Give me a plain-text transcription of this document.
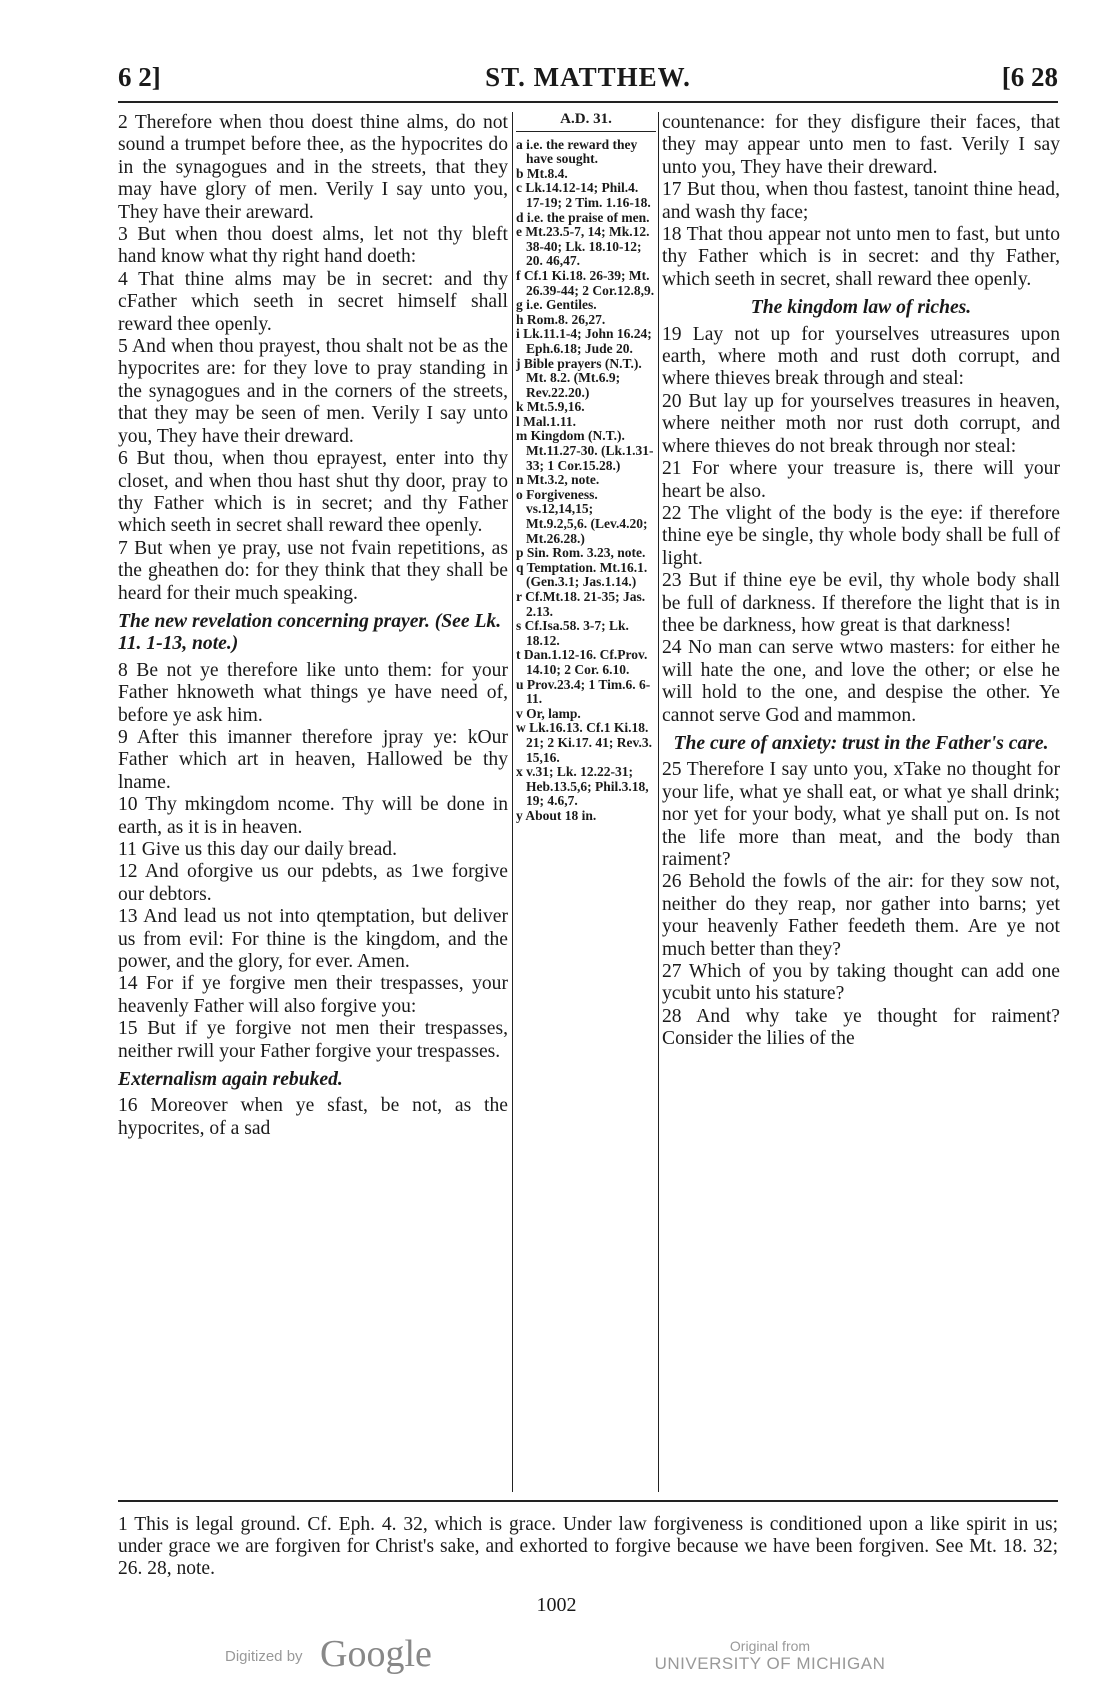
6 2]	ST. MATTHEW.	[6 28

2 Therefore when thou doest thine alms, do not sound a trumpet before thee, as the hypocrites do in the synagogues and in the streets, that they may have glory of men. Verily I say unto you, They have their areward.

3 But when thou doest alms, let not thy bleft hand know what thy right hand doeth:

4 That thine alms may be in secret: and thy cFather which seeth in secret himself shall reward thee openly.

5 And when thou prayest, thou shalt not be as the hypocrites are: for they love to pray standing in the synagogues and in the corners of the streets, that they may be seen of men. Verily I say unto you, They have their dreward.

6 But thou, when thou eprayest, enter into thy closet, and when thou hast shut thy door, pray to thy Father which is in secret; and thy Father which seeth in secret shall reward thee openly.

7 But when ye pray, use not fvain repetitions, as the gheathen do: for they think that they shall be heard for their much speaking.

The new revelation concerning prayer. (See Lk. 11. 1-13, note.)

8 Be not ye therefore like unto them: for your Father hknoweth what things ye have need of, before ye ask him.

9 After this imanner therefore jpray ye: kOur Father which art in heaven, Hallowed be thy lname.

10 Thy mkingdom ncome. Thy will be done in earth, as it is in heaven.

11 Give us this day our daily bread.

12 And oforgive us our pdebts, as 1we forgive our debtors.

13 And lead us not into qtemptation, but deliver us from evil: For thine is the kingdom, and the power, and the glory, for ever. Amen.

14 For if ye forgive men their trespasses, your heavenly Father will also forgive you:

15 But if ye forgive not men their trespasses, neither rwill your Father forgive your trespasses.

Externalism again rebuked.

16 Moreover when ye sfast, be not, as the hypocrites, of a sad

A.D. 31.
a i.e. the reward they have sought.
b Mt.8.4.
c Lk.14.12-14; Phil.4. 17-19; 2 Tim. 1.16-18.
d i.e. the praise of men.
e Mt.23.5-7, 14; Mk.12. 38-40; Lk. 18.10-12; 20. 46,47.
f Cf.1 Ki.18. 26-39; Mt. 26.39-44; 2 Cor.12.8,9.
g i.e. Gentiles.
h Rom.8. 26,27.
i Lk.11.1-4; John 16.24; Eph.6.18; Jude 20.
j Bible prayers (N.T.). Mt. 8.2. (Mt.6.9; Rev.22.20.)
k Mt.5.9,16.
l Mal.1.11.
m Kingdom (N.T.). Mt.11.27-30. (Lk.1.31-33; 1 Cor.15.28.)
n Mt.3.2, note.
o Forgiveness. vs.12,14,15; Mt.9.2,5,6. (Lev.4.20; Mt.26.28.)
p Sin. Rom. 3.23, note.
q Temptation. Mt.16.1. (Gen.3.1; Jas.1.14.)
r Cf.Mt.18. 21-35; Jas. 2.13.
s Cf.Isa.58. 3-7; Lk. 18.12.
t Dan.1.12-16. Cf.Prov. 14.10; 2 Cor. 6.10.
u Prov.23.4; 1 Tim.6. 6-11.
v Or, lamp.
w Lk.16.13. Cf.1 Ki.18. 21; 2 Ki.17. 41; Rev.3. 15,16.
x v.31; Lk. 12.22-31; Heb.13.5,6; Phil.3.18, 19; 4.6,7.
y About 18 in.

countenance: for they disfigure their faces, that they may appear unto men to fast. Verily I say unto you, They have their dreward.

17 But thou, when thou fastest, tanoint thine head, and wash thy face;

18 That thou appear not unto men to fast, but unto thy Father which is in secret: and thy Father, which seeth in secret, shall reward thee openly.

The kingdom law of riches.

19 Lay not up for yourselves utreasures upon earth, where moth and rust doth corrupt, and where thieves break through and steal:

20 But lay up for yourselves treasures in heaven, where neither moth nor rust doth corrupt, and where thieves do not break through nor steal:

21 For where your treasure is, there will your heart be also.

22 The vlight of the body is the eye: if therefore thine eye be single, thy whole body shall be full of light.

23 But if thine eye be evil, thy whole body shall be full of darkness. If therefore the light that is in thee be darkness, how great is that darkness!

24 No man can serve wtwo masters: for either he will hate the one, and love the other; or else he will hold to the one, and despise the other. Ye cannot serve God and mammon.

The cure of anxiety: trust in the Father's care.

25 Therefore I say unto you, xTake no thought for your life, what ye shall eat, or what ye shall drink; nor yet for your body, what ye shall put on. Is not the life more than meat, and the body than raiment?

26 Behold the fowls of the air: for they sow not, neither do they reap, nor gather into barns; yet your heavenly Father feedeth them. Are ye not much better than they?

27 Which of you by taking thought can add one ycubit unto his stature?

28 And why take ye thought for raiment? Consider the lilies of the

1 This is legal ground. Cf. Eph. 4. 32, which is grace. Under law forgiveness is conditioned upon a like spirit in us; under grace we are forgiven for Christ's sake, and exhorted to forgive because we have been forgiven. See Mt. 18. 32; 26. 28, note.
1002
Digitized by Google	Original from
UNIVERSITY OF MICHIGAN
